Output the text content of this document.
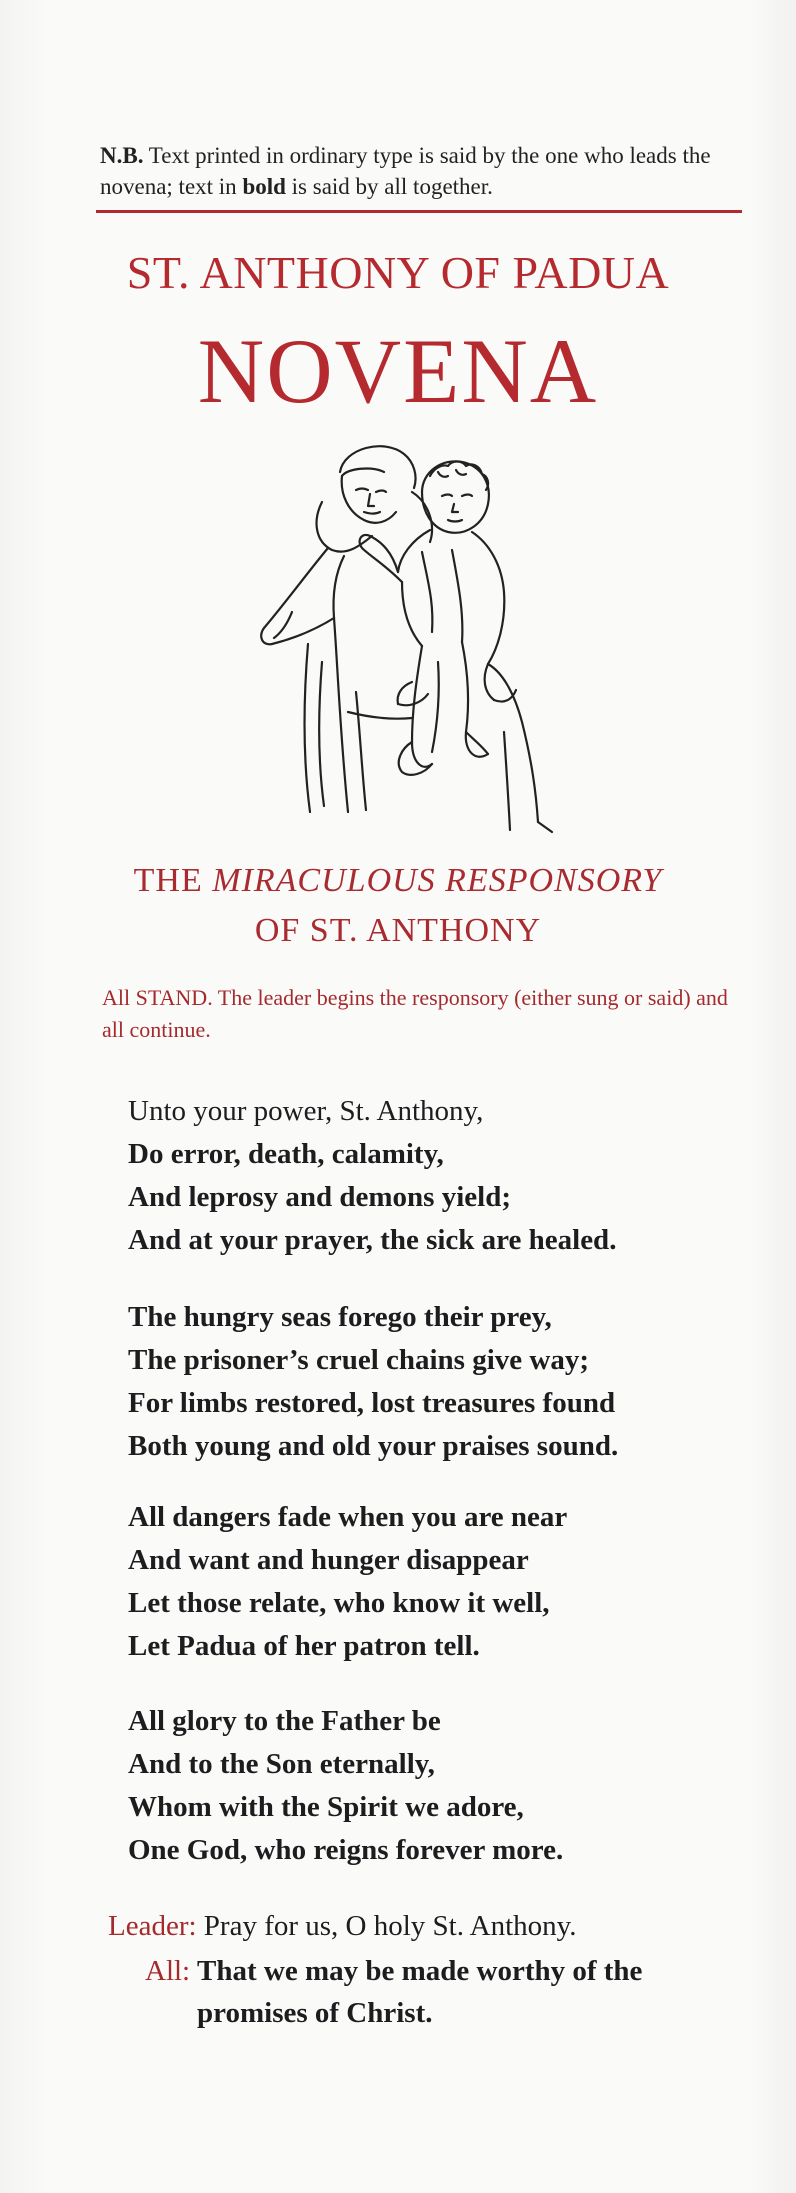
N.B. Text printed in ordinary type is said by the one who leads the novena; text in bold is said by all together.
ST. ANTHONY OF PADUA
NOVENA
THE MIRACULOUS RESPONSORY
OF ST. ANTHONY
All STAND. The leader begins the responsory (either sung or said) and all continue.
Unto your power, St. Anthony,
Do error, death, calamity,
And leprosy and demons yield;
And at your prayer, the sick are healed.
The hungry seas forego their prey,
The prisoner’s cruel chains give way;
For limbs restored, lost treasures found
Both young and old your praises sound.
All dangers fade when you are near
And want and hunger disappear
Let those relate, who know it well,
Let Padua of her patron tell.
All glory to the Father be
And to the Son eternally,
Whom with the Spirit we adore,
One God, who reigns forever more.
Leader: Pray for us, O holy St. Anthony.
All: That we may be made worthy of the
promises of Christ.
